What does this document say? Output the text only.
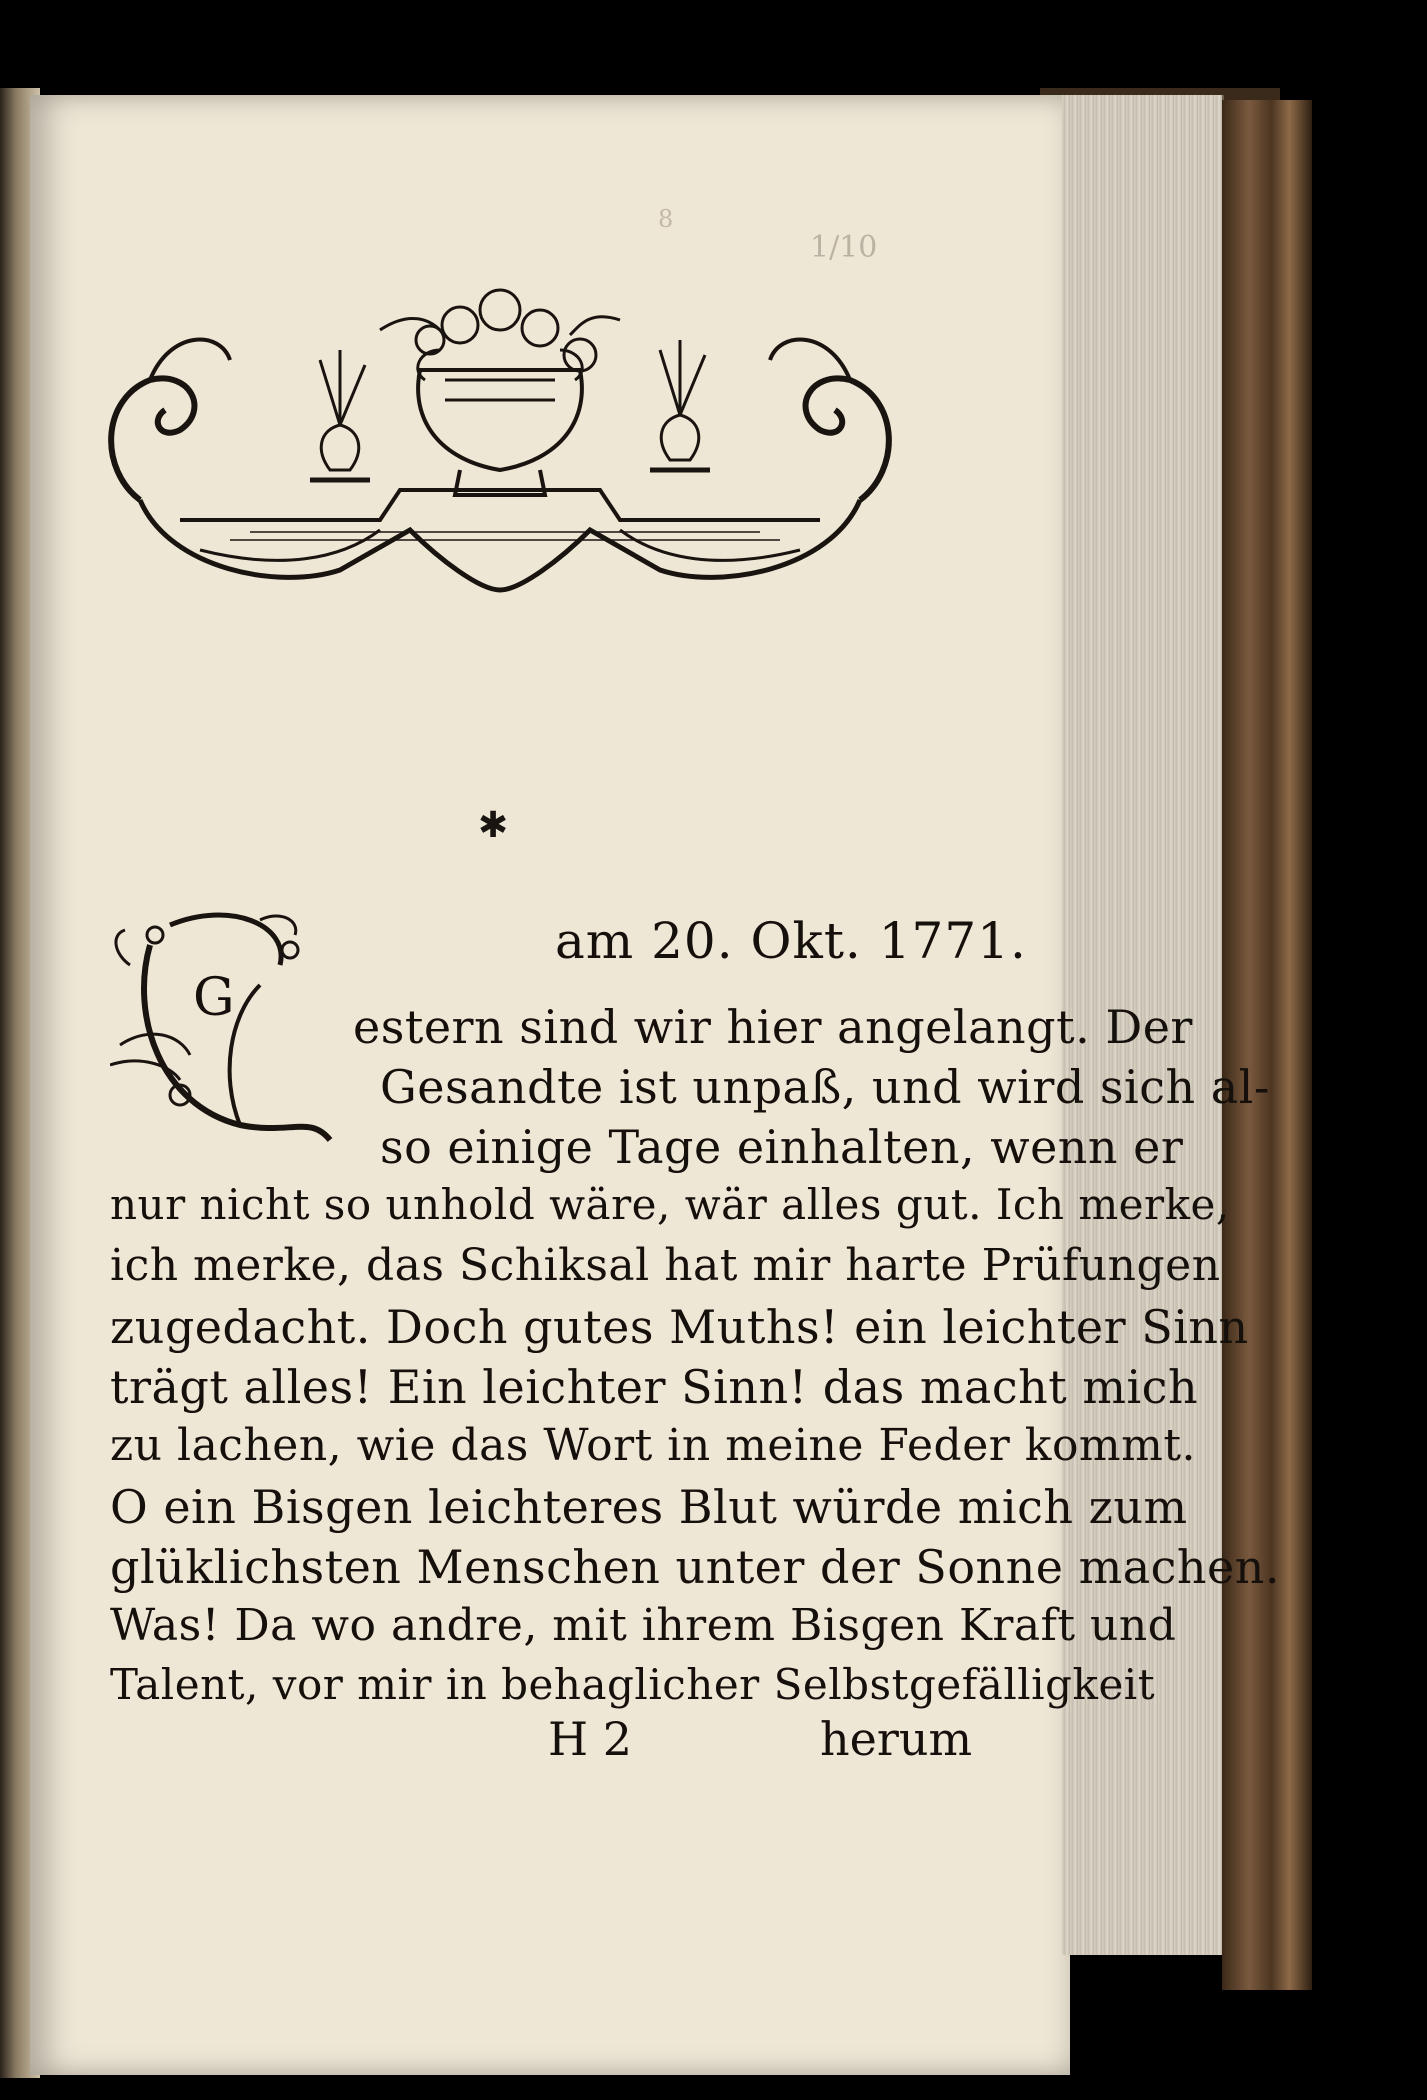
8
1/10
✱
am 20. Okt. 1771.
G	estern sind wir hier angelangt. Der
Gesandte ist unpaß, und wird sich al-
so einige Tage einhalten, wenn er
nur nicht so unhold wäre, wär alles gut. Ich merke,
ich merke, das Schiksal hat mir harte Prüfungen
zugedacht. Doch gutes Muths! ein leichter Sinn
trägt alles! Ein leichter Sinn! das macht mich
zu lachen, wie das Wort in meine Feder kommt.
O ein Bisgen leichteres Blut würde mich zum
glüklichsten Menschen unter der Sonne machen.
Was! Da wo andre, mit ihrem Bisgen Kraft und
Talent, vor mir in behaglicher Selbstgefälligkeit
H 2	herum
